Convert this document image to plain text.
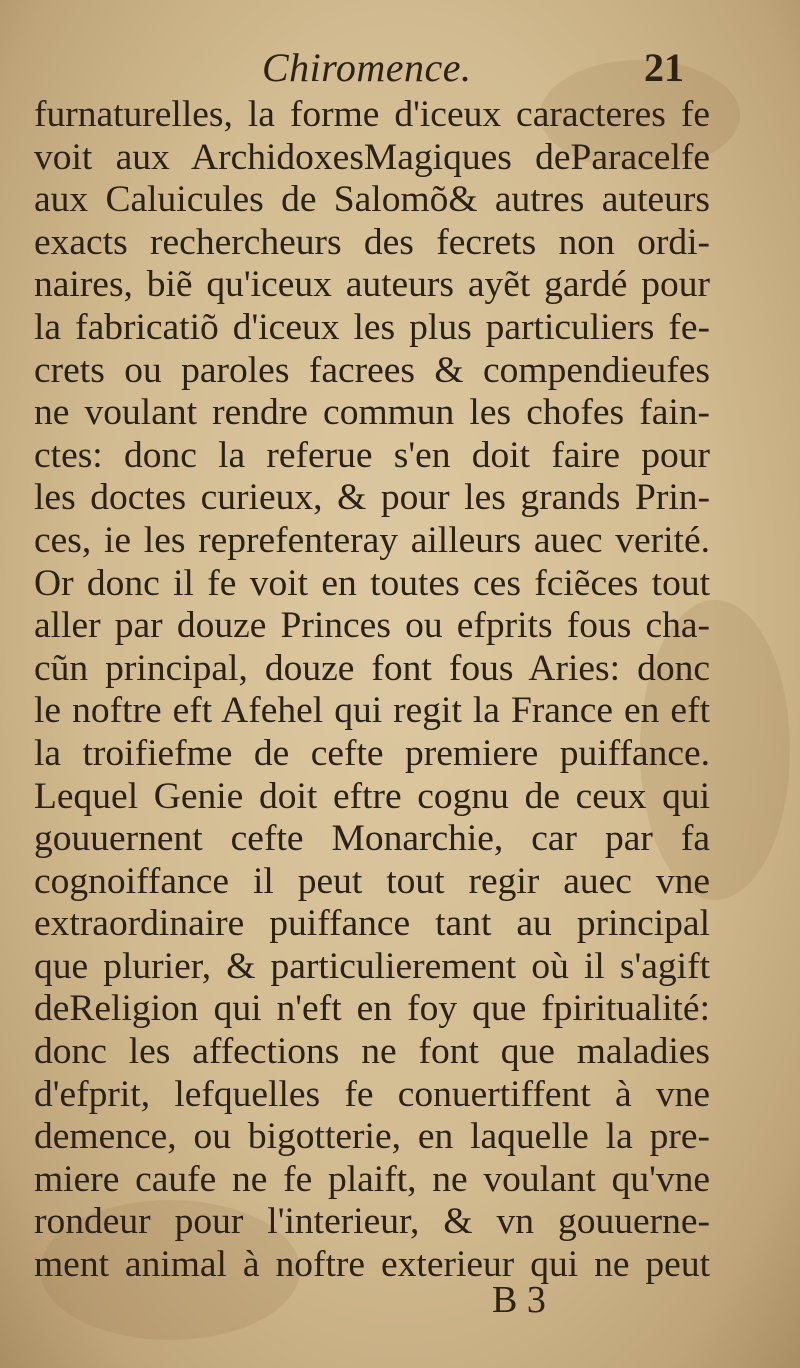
Chiromence.	21
furnaturelles, la forme d'iceux caracteres fe
voit aux ArchidoxesMagiques deParacelfe
aux Caluicules de Salomõ& autres auteurs
exacts rechercheurs des fecrets non ordi-
naires, biẽ qu'iceux auteurs ayẽt gardé pour
la fabricatiõ d'iceux les plus particuliers fe-
crets ou paroles facrees & compendieufes
ne voulant rendre commun les chofes fain-
ctes: donc la referue s'en doit faire pour
les doctes curieux, & pour les grands Prin-
ces, ie les reprefenteray ailleurs auec verité.
Or donc il fe voit en toutes ces fciẽces tout
aller par douze Princes ou efprits fous cha-
cũn principal, douze font fous Aries: donc
le noftre eft Afehel qui regit la France en eft
la troifiefme de cefte premiere puiffance.
Lequel Genie doit eftre cognu de ceux qui
gouuernent cefte Monarchie, car par fa
cognoiffance il peut tout regir auec vne
extraordinaire puiffance tant au principal
que plurier, & particulierement où il s'agift
deReligion qui n'eft en foy que fpiritualité:
donc les affections ne font que maladies
d'efprit, lefquelles fe conuertiffent à vne
demence, ou bigotterie, en laquelle la pre-
miere caufe ne fe plaift, ne voulant qu'vne
rondeur pour l'interieur, & vn gouuerne-
ment animal à noftre exterieur qui ne peut
B 3
